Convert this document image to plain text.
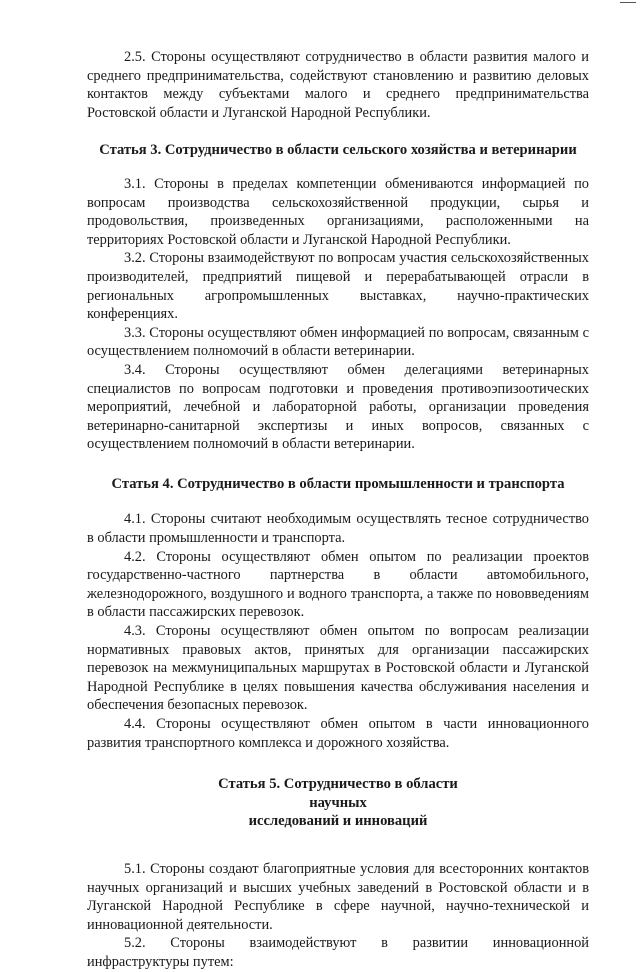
2.5. Стороны осуществляют сотрудничество в области развития малого и среднего предпринимательства, содействуют становлению и развитию деловых контактов между субъектами малого и среднего предпринимательства Ростовской области и Луганской Народной Республики.

Статья 3. Сотрудничество в области сельского хозяйства и ветеринарии

3.1. Стороны в пределах компетенции обмениваются информацией по вопросам производства сельскохозяйственной продукции, сырья и продовольствия, произведенных организациями, расположенными на территориях Ростовской области и Луганской Народной Республики.

3.2. Стороны взаимодействуют по вопросам участия сельскохозяйственных производителей, предприятий пищевой и перерабатывающей отрасли в региональных агропромышленных выставках, научно-практических конференциях.

3.3. Стороны осуществляют обмен информацией по вопросам, связанным с осуществлением полномочий в области ветеринарии.

3.4. Стороны осуществляют обмен делегациями ветеринарных специалистов по вопросам подготовки и проведения противоэпизоотических мероприятий, лечебной и лабораторной работы, организации проведения ветеринарно-санитарной экспертизы и иных вопросов, связанных с осуществлением полномочий в области ветеринарии.

Статья 4. Сотрудничество в области промышленности и транспорта

4.1. Стороны считают необходимым осуществлять тесное сотрудничество в области промышленности и транспорта.

4.2. Стороны осуществляют обмен опытом по реализации проектов государственно-частного партнерства в области автомобильного, железнодорожного, воздушного и водного транспорта, а также по нововведениям в области пассажирских перевозок.

4.3. Стороны осуществляют обмен опытом по вопросам реализации нормативных правовых актов, принятых для организации пассажирских перевозок на межмуниципальных маршрутах в Ростовской области и Луганской Народной Республике в целях повышения качества обслуживания населения и обеспечения безопасных перевозок.

4.4. Стороны осуществляют обмен опытом в части инновационного развития транспортного комплекса и дорожного хозяйства.

Статья 5. Сотрудничество в области научных
исследований и инноваций

5.1. Стороны создают благоприятные условия для всесторонних контактов научных организаций и высших учебных заведений в Ростовской области и в Луганской Народной Республике в сфере научной, научно-технической и инновационной деятельности.

5.2. Стороны взаимодействуют в развитии инновационной инфраструктуры путем:
